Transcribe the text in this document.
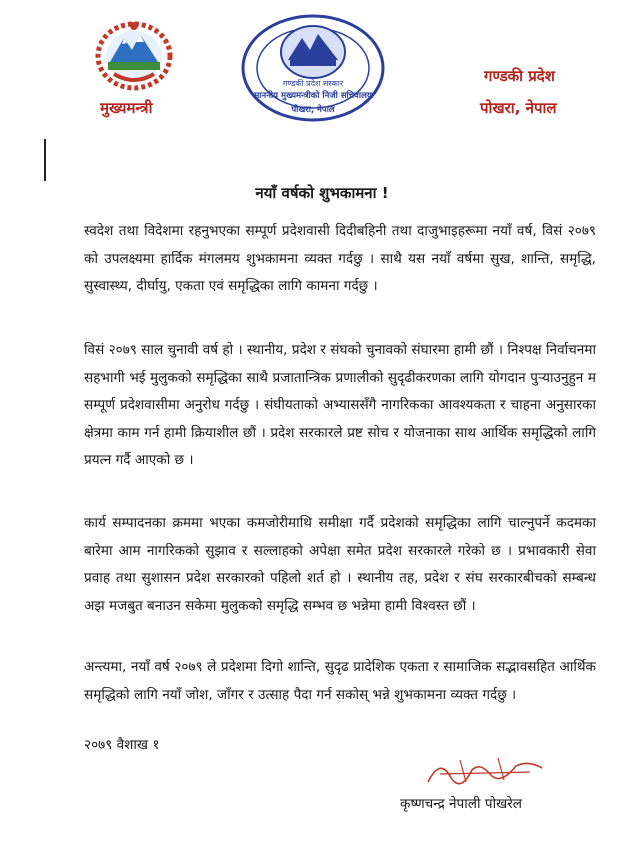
गण्डकी प्रदेश सरकार
माननीय मुख्यमन्त्रीको निजी सचिवालय
पोखरा, नेपाल
मुख्यमन्त्री
गण्डकी प्रदेश
पोखरा, नेपाल
नयाँ वर्षको शुभकामना !

स्वदेश तथा विदेशमा रहनुभएका सम्पूर्ण प्रदेशवासी दिदीबहिनी तथा दाजुभाइहरूमा नयाँ वर्ष, विसं २०७९ को उपलक्ष्यमा हार्दिक मंगलमय शुभकामना व्यक्त गर्दछु । साथै यस नयाँ वर्षमा सुख, शान्ति, समृद्धि, सुस्वास्थ्य, दीर्घायु, एकता एवं समृद्धिका लागि कामना गर्दछु ।

विसं २०७९ साल चुनावी वर्ष हो । स्थानीय, प्रदेश र संघको चुनावको संघारमा हामी छौं । निश्पक्ष निर्वाचनमा सहभागी भई मुलुकको समृद्धिका साथै प्रजातान्त्रिक प्रणालीको सुदृढीकरणका लागि योगदान पुऱ्याउनुहुन म सम्पूर्ण प्रदेशवासीमा अनुरोध गर्दछु । संघीयताको अभ्याससँगै नागरिकका आवश्यकता र चाहना अनुसारका क्षेत्रमा काम गर्न हामी क्रियाशील छौं । प्रदेश सरकारले प्रष्ट सोच र योजनाका साथ आर्थिक समृद्धिको लागि प्रयत्न गर्दै आएको छ ।

कार्य सम्पादनका क्रममा भएका कमजोरीमाथि समीक्षा गर्दै प्रदेशको समृद्धिका लागि चाल्नुपर्ने कदमका बारेमा आम नागरिकको सुझाव र सल्लाहको अपेक्षा समेत प्रदेश सरकारले गरेको छ । प्रभावकारी सेवा प्रवाह तथा सुशासन प्रदेश सरकारको पहिलो शर्त हो । स्थानीय तह, प्रदेश र संघ सरकारबीचको सम्बन्ध अझ मजबुत बनाउन सकेमा मुलुकको समृद्धि सम्भव छ भन्नेमा हामी विश्वस्त छौं ।

अन्त्यमा, नयाँ वर्ष २०७९ ले प्रदेशमा दिगो शान्ति, सुदृढ प्रादेशिक एकता र सामाजिक सद्भावसहित आर्थिक समृद्धिको लागि नयाँ जोश, जाँगर र उत्साह पैदा गर्न सकोस् भन्ने शुभकामना व्यक्त गर्दछु ।

२०७९ वैशाख १
कृष्णचन्द्र नेपाली पोखरेल
